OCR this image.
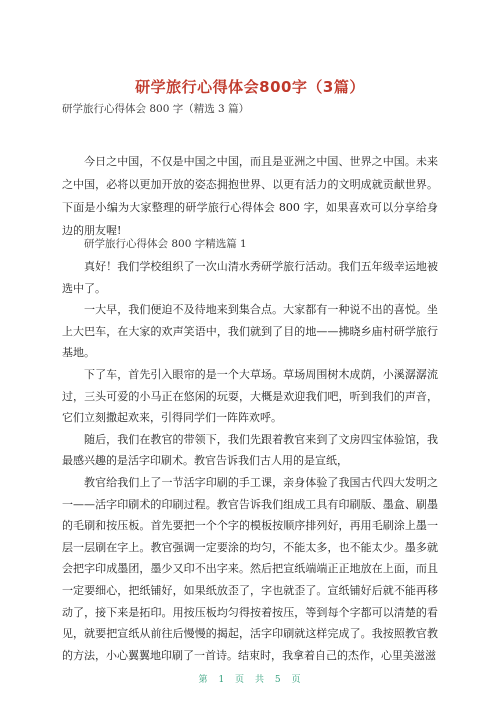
研学旅行心得体会800字（3篇）
研学旅行心得体会 800 字（精选 3 篇）
今日之中国，不仅是中国之中国，而且是亚洲之中国、世界之中国。未来之中国，必将以更加开放的姿态拥抱世界、以更有活力的文明成就贡献世界。下面是小编为大家整理的研学旅行心得体会 800 字，如果喜欢可以分享给身边的朋友喔!
研学旅行心得体会 800 字精选篇 1

真好！我们学校组织了一次山清水秀研学旅行活动。我们五年级幸运地被选中了。

一大早，我们便迫不及待地来到集合点。大家都有一种说不出的喜悦。坐上大巴车，在大家的欢声笑语中，我们就到了目的地——拂晓乡庙村研学旅行基地。

下了车，首先引入眼帘的是一个大草场。草场周围树木成荫，小溪潺潺流过，三头可爱的小马正在悠闲的玩耍，大概是欢迎我们吧，听到我们的声音，它们立刻撒起欢来，引得同学们一阵阵欢呼。

随后，我们在教官的带领下，我们先跟着教官来到了文房四宝体验馆，我最感兴趣的是活字印刷术。教官告诉我们古人用的是宣纸，

教官给我们上了一节活字印刷的手工课，亲身体验了我国古代四大发明之一——活字印刷术的印刷过程。教官告诉我们组成工具有印刷版、墨盒、刷墨的毛刷和按压板。首先要把一个个字的模板按顺序排列好，再用毛刷涂上墨一层一层刷在字上。教官强调一定要涂的均匀，不能太多，也不能太少。墨多就会把字印成墨团，墨少又印不出字来。然后把宣纸端端正正地放在上面，而且一定要细心，把纸铺好，如果纸放歪了，字也就歪了。宣纸铺好后就不能再移动了，接下来是拓印。用按压板均匀得按着按压，等到每个字都可以清楚的看见，就要把宣纸从前往后慢慢的揭起，活字印刷就这样完成了。我按照教官教的方法，小心翼翼地印刷了一首诗。结束时，我拿着自己的杰作，心里美滋滋

第 1 页 共 5 页
